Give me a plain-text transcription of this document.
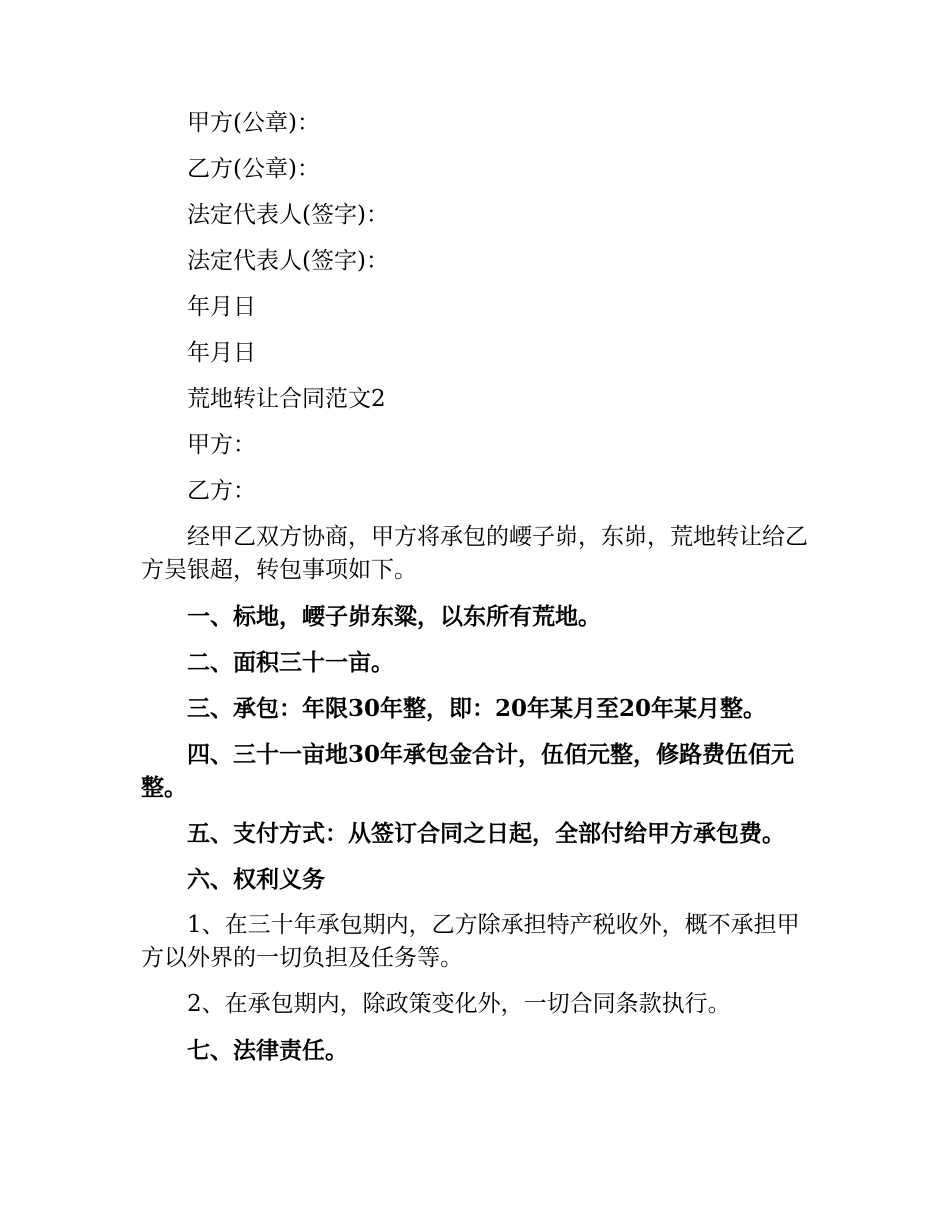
甲方(公章)：

乙方(公章)：

法定代表人(签字)：

法定代表人(签字)：

年月日

年月日

荒地转让合同范文2

甲方：

乙方：

经甲乙双方协商，甲方将承包的崾子峁，东峁，荒地转让给乙方吴银超，转包事项如下。

一、标地，崾子峁东粱，以东所有荒地。

二、面积三十一亩。

三、承包：年限30年整，即：20年某月至20年某月整。

四、三十一亩地30年承包金合计，伍佰元整，修路费伍佰元整。

五、支付方式：从签订合同之日起，全部付给甲方承包费。

六、权利义务

1、在三十年承包期内，乙方除承担特产税收外，概不承担甲方以外界的一切负担及任务等。

2、在承包期内，除政策变化外，一切合同条款执行。

七、法律责任。
